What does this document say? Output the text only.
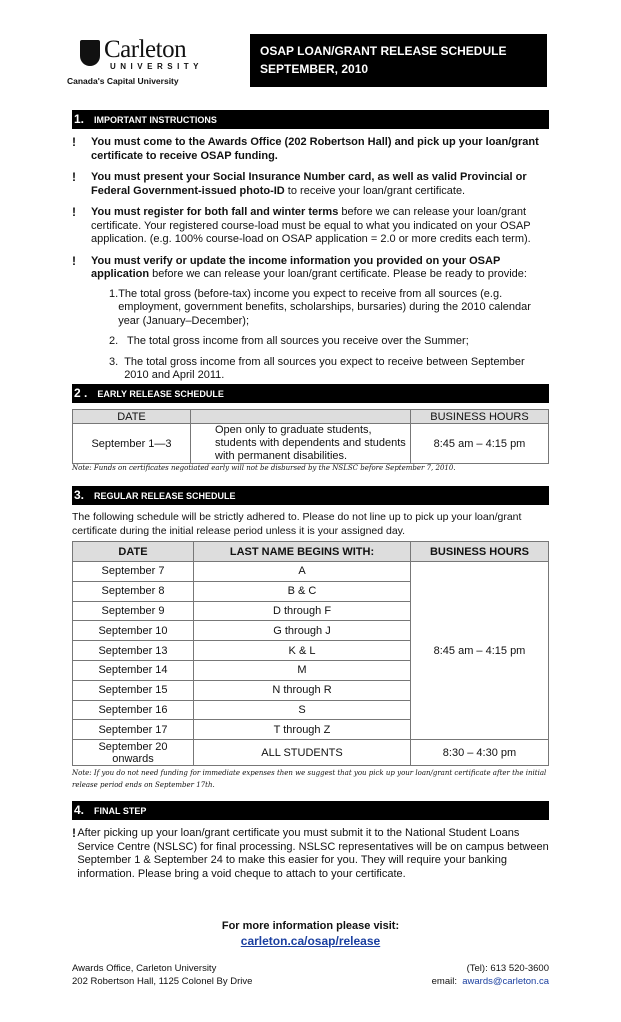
Carleton
UNIVERSITY
Canada's Capital University
OSAP LOAN/GRANT RELEASE SCHEDULE
SEPTEMBER, 2010
1. IMPORTANT INSTRUCTIONS
!	You must come to the Awards Office (202 Robertson Hall) and pick up your loan/grant certificate to receive OSAP funding.
!	You must present your Social Insurance Number card, as well as valid Provincial or Federal Government-issued photo-ID to receive your loan/grant certificate.
!	You must register for both fall and winter terms before we can release your loan/grant certificate. Your registered course-load must be equal to what you indicated on your OSAP application. (e.g. 100% course-load on OSAP application = 2.0 or more credits each term).
!	You must verify or update the income information you provided on your OSAP application before we can release your loan/grant certificate. Please be ready to provide:
1. The total gross (before-tax) income you expect to receive from all sources (e.g. employment, government benefits, scholarships, bursaries) during the 2010 calendar year (January–December);
2. The total gross income from all sources you receive over the Summer;
3. The total gross income from all sources you expect to receive between September 2010 and April 2011.
2 . EARLY RELEASE SCHEDULE
DATE		BUSINESS HOURS
September 1—3	Open only to graduate students, students with dependents and students with permanent disabilities.	8:45 am – 4:15 pm
Note: Funds on certificates negotiated early will not be disbursed by the NSLSC before September 7, 2010.
3. REGULAR RELEASE SCHEDULE
The following schedule will be strictly adhered to. Please do not line up to pick up your loan/grant certificate during the initial release period unless it is your assigned day.
DATE	LAST NAME BEGINS WITH:	BUSINESS HOURS
September 7	A	8:45 am – 4:15 pm
September 8	B & C	
September 9	D through F	
September 10	G through J	
September 13	K & L	
September 14	M	
September 15	N through R	
September 16	S	
September 17	T through Z	
September 20 onwards	ALL STUDENTS	8:30 – 4:30 pm
Note: If you do not need funding for immediate expenses then we suggest that you pick up your loan/grant certificate after the initial release period ends on September 17th.
4. FINAL STEP
! After picking up your loan/grant certificate you must submit it to the National Student Loans Service Centre (NSLSC) for final processing. NSLSC representatives will be on campus between September 1 & September 24 to make this easier for you. They will require your banking information. Please bring a void cheque to attach to your certificate.
For more information please visit:
carleton.ca/osap/release
Awards Office, Carleton University
202 Robertson Hall, 1125 Colonel By Drive
(Tel): 613 520-3600
email: awards@carleton.ca
